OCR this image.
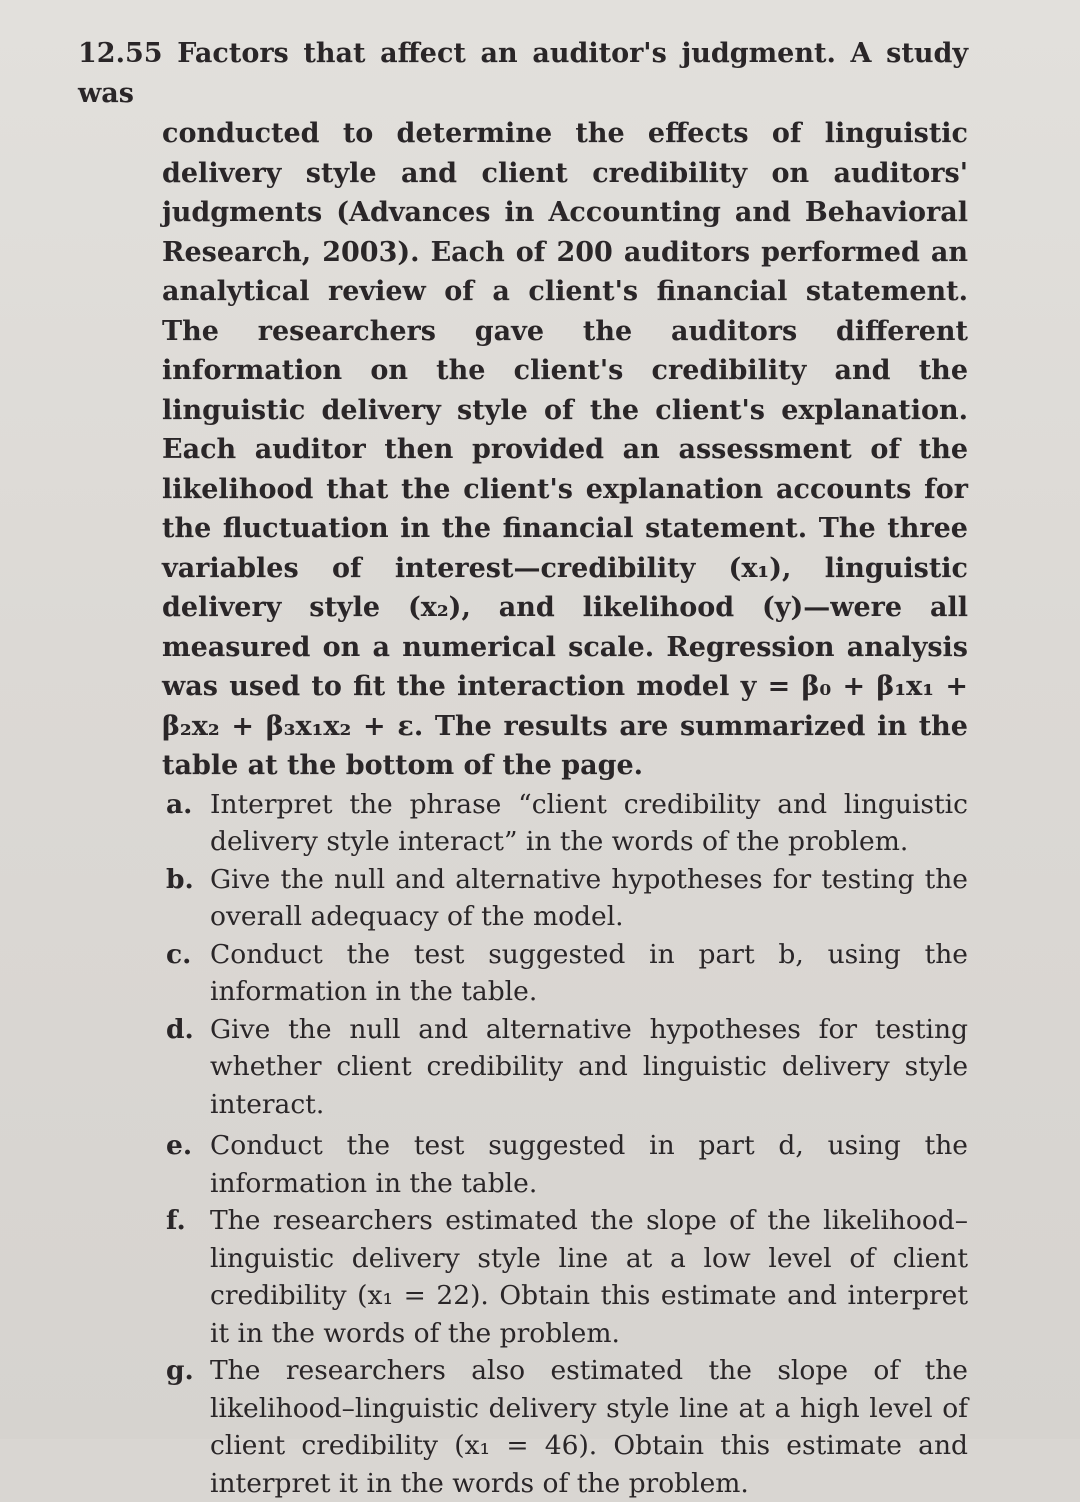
12.55 Factors that affect an auditor's judgment. A study was
conducted to determine the effects of linguistic delivery style and client credibility on auditors' judgments (Advances in Accounting and Behavioral Research, 2003). Each of 200 auditors performed an analytical review of a client's financial statement. The researchers gave the auditors different information on the client's credibility and the linguistic delivery style of the client's explanation. Each auditor then provided an assessment of the likelihood that the client's explanation accounts for the fluctuation in the financial statement. The three variables of interest—credibility (x₁), linguistic delivery style (x₂), and likelihood (y)—were all measured on a numerical scale. Regression analysis was used to fit the interaction model y = β₀ + β₁x₁ + β₂x₂ + β₃x₁x₂ + ε. The results are summarized in the table at the bottom of the page.
a. Interpret the phrase “client credibility and linguistic delivery style interact” in the words of the problem.
b. Give the null and alternative hypotheses for testing the overall adequacy of the model.
c. Conduct the test suggested in part b, using the information in the table.
d. Give the null and alternative hypotheses for testing whether client credibility and linguistic delivery style interact.
e. Conduct the test suggested in part d, using the information in the table.
f. The researchers estimated the slope of the likelihood–linguistic delivery style line at a low level of client credibility (x₁ = 22). Obtain this estimate and interpret it in the words of the problem.
g. The researchers also estimated the slope of the likelihood–linguistic delivery style line at a high level of client credibility (x₁ = 46). Obtain this estimate and interpret it in the words of the problem.
